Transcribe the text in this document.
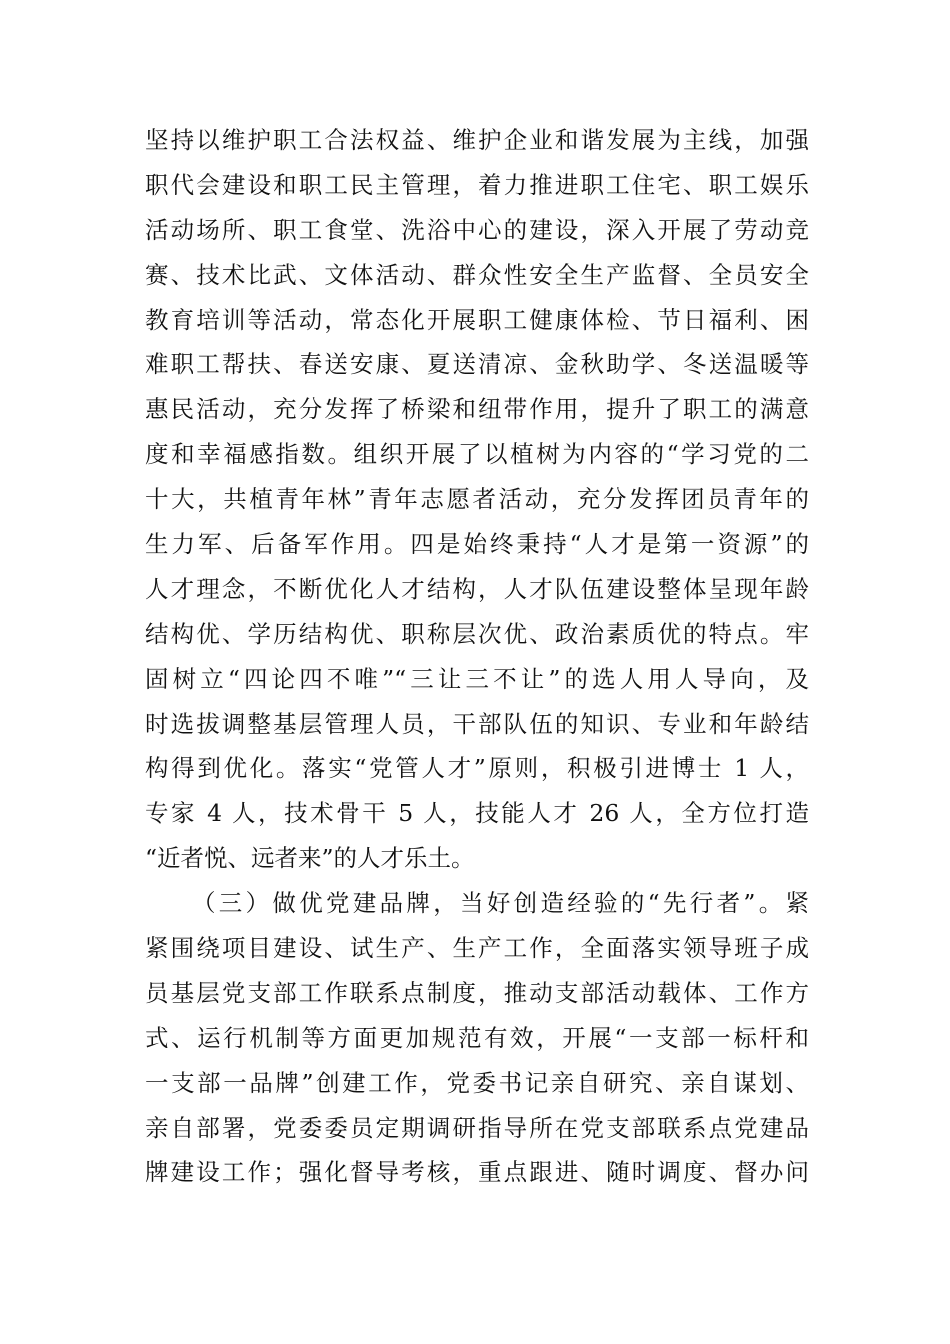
坚持以维护职工合法权益、维护企业和谐发展为主线，加强
职代会建设和职工民主管理，着力推进职工住宅、职工娱乐
活动场所、职工食堂、洗浴中心的建设，深入开展了劳动竞
赛、技术比武、文体活动、群众性安全生产监督、全员安全
教育培训等活动，常态化开展职工健康体检、节日福利、困
难职工帮扶、春送安康、夏送清凉、金秋助学、冬送温暖等
惠民活动，充分发挥了桥梁和纽带作用，提升了职工的满意
度和幸福感指数。组织开展了以植树为内容的“学习党的二
十大，共植青年林”青年志愿者活动，充分发挥团员青年的
生力军、后备军作用。四是始终秉持“人才是第一资源”的
人才理念，不断优化人才结构，人才队伍建设整体呈现年龄
结构优、学历结构优、职称层次优、政治素质优的特点。牢
固树立“四论四不唯”“三让三不让”的选人用人导向，及
时选拔调整基层管理人员，干部队伍的知识、专业和年龄结
构得到优化。落实“党管人才”原则，积极引进博士 1 人，
专家 4 人，技术骨干 5 人，技能人才 26 人，全方位打造
“近者悦、远者来”的人才乐土。
（三）做优党建品牌，当好创造经验的“先行者”。紧
紧围绕项目建设、试生产、生产工作，全面落实领导班子成
员基层党支部工作联系点制度，推动支部活动载体、工作方
式、运行机制等方面更加规范有效，开展“一支部一标杆和
一支部一品牌”创建工作，党委书记亲自研究、亲自谋划、
亲自部署，党委委员定期调研指导所在党支部联系点党建品
牌建设工作；强化督导考核，重点跟进、随时调度、督办问
